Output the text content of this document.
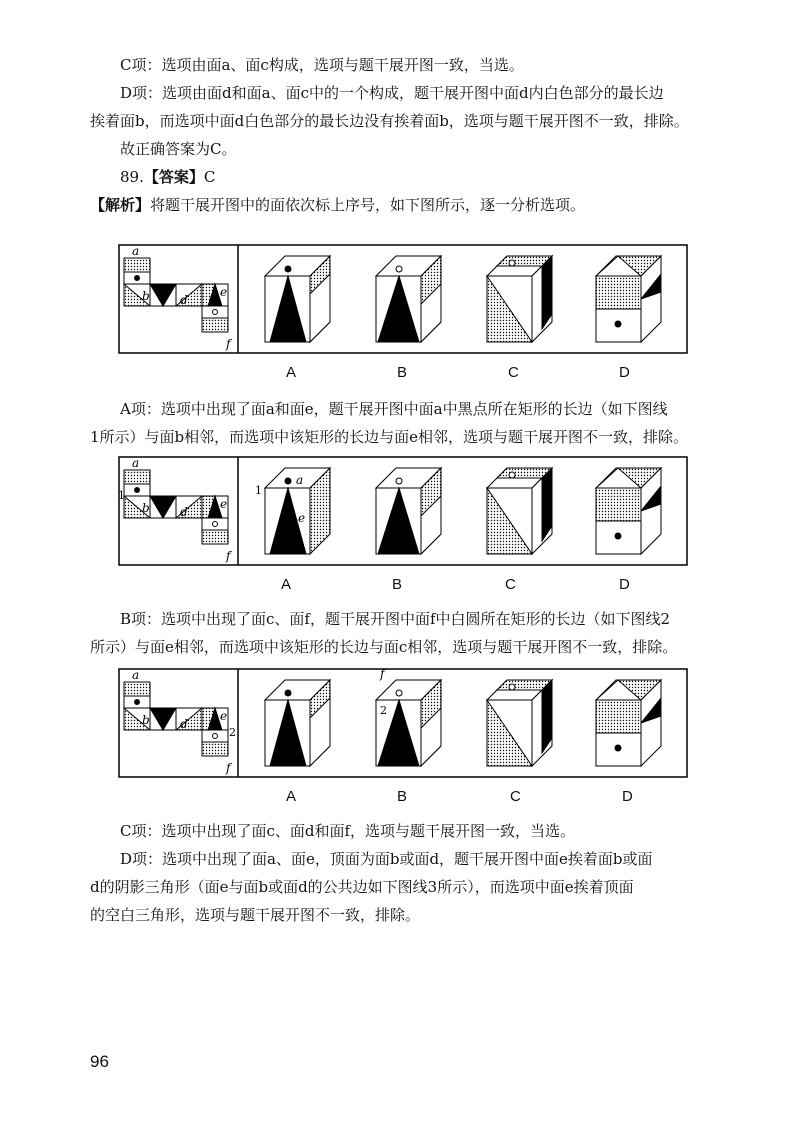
C项：选项由面a、面c构成，选项与题干展开图一致，当选。

D项：选项由面d和面a、面c中的一个构成，题干展开图中面d内白色部分的最长边

挨着面b，而选项中面d白色部分的最长边没有挨着面b，选项与题干展开图不一致，排除。

故正确答案为C。

89.【答案】C

【解析】将题干展开图中的面依次标上序号，如下图所示，逐一分析选项。

a
b	d
e
f
A	B	C	D

A项：选项中出现了面a和面e，题干展开图中面a中黑点所在矩形的长边（如下图线

1所示）与面b相邻，而选项中该矩形的长边与面e相邻，选项与题干展开图不一致，排除。

a
b	d
e
f
1
a
e
1
A	B	C	D

B项：选项中出现了面c、面f，题干展开图中面f中白圆所在矩形的长边（如下图线2

所示）与面e相邻，而选项中该矩形的长边与面c相邻，选项与题干展开图不一致，排除。

a
b	d
e
f
2
f
2
A	B	C	D

C项：选项中出现了面c、面d和面f，选项与题干展开图一致，当选。

D项：选项中出现了面a、面e，顶面为面b或面d，题干展开图中面e挨着面b或面

d的阴影三角形（面e与面b或面d的公共边如下图线3所示），而选项中面e挨着顶面

的空白三角形，选项与题干展开图不一致，排除。

96
